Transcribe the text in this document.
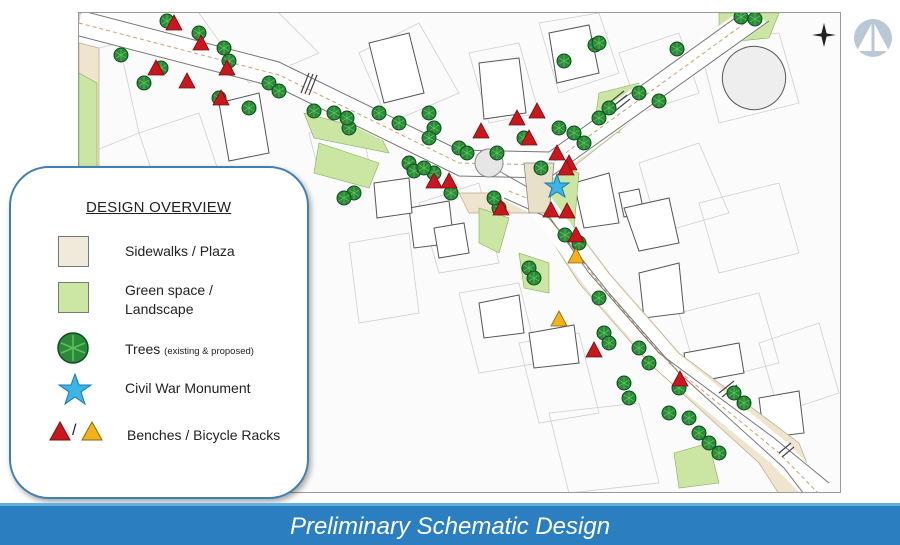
DESIGN OVERVIEW
Sidewalks / Plaza
Green space / Landscape
Trees (existing & proposed)
Civil War Monument
/	Benches / Bicycle Racks
Preliminary Schematic Design
